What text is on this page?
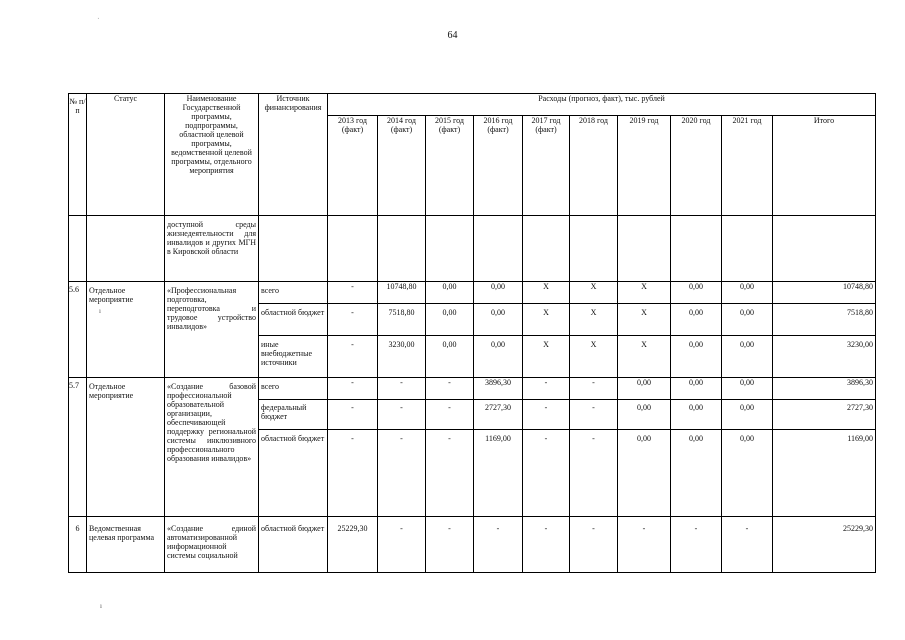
64
ˈ
ı
ı
№ п/п	Статус	Наименование Государственной программы, подпрограммы, областной целевой программы, ведомственной целевой программы, отдельного мероприятия	Источник финансирования	Расходы (прогноз, факт), тыс. рублей									
				2013 год (факт)	2014 год (факт)	2015 год (факт)	2016 год (факт)	2017 год (факт)	2018 год	2019 год	2020 год	2021 год	Итого
		доступной среды жизнедеятельности для инвалидов и других МГН в Кировской области											
5.6	Отдельное мероприятие	«Профессиональная подготовка, переподготовка и трудовое устройство инвалидов»	всего	-	10748,80	0,00	0,00	Х	Х	Х	0,00	0,00	10748,80
			областной бюджет	-	7518,80	0,00	0,00	Х	Х	Х	0,00	0,00	7518,80
			иные внебюджетные источники	-	3230,00	0,00	0,00	Х	Х	Х	0,00	0,00	3230,00
5.7	Отдельное мероприятие	«Создание базовой профессиональной образовательной организации, обеспечивающей поддержку региональной системы инклюзивного профессионального образования инвалидов»	всего	-	-	-	3896,30	-	-	0,00	0,00	0,00	3896,30
			федеральный бюджет	-	-	-	2727,30	-	-	0,00	0,00	0,00	2727,30
			областной бюджет	-	-	-	1169,00	-	-	0,00	0,00	0,00	1169,00
6	Ведомственная целевая программа	«Создание единой автоматизированной информационной системы социальной	областной бюджет	25229,30	-	-	-	-	-	-	-	-	25229,30
